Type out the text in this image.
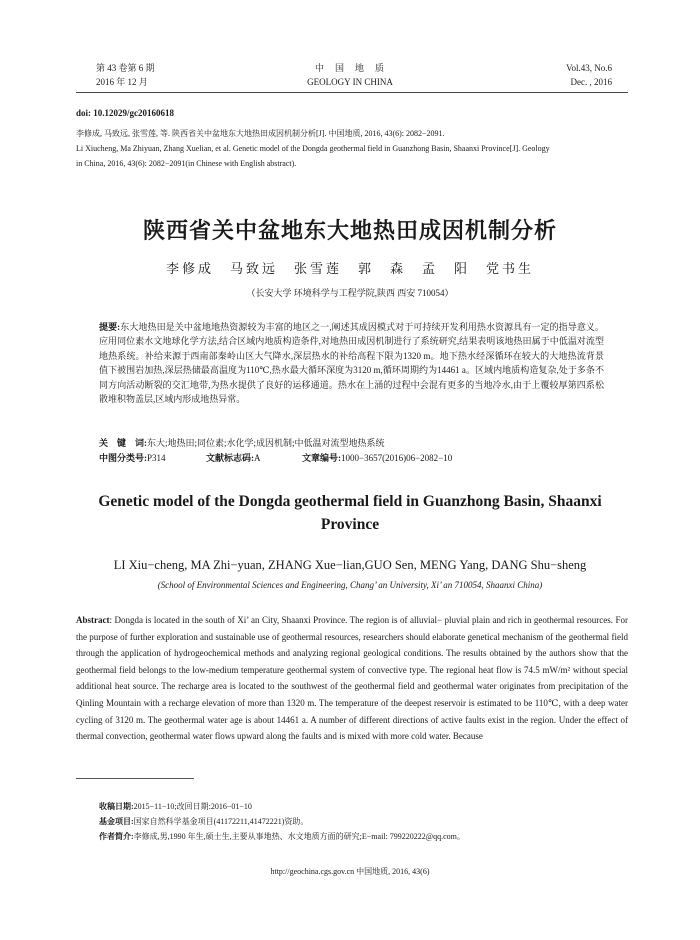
第 43 卷第 6 期
2016 年 12 月
中　国　地　质
GEOLOGY IN CHINA
Vol.43, No.6
Dec. , 2016
doi: 10.12029/gc20160618
李修成, 马致远, 张雪莲, 等. 陕西省关中盆地东大地热田成因机制分析[J]. 中国地质, 2016, 43(6): 2082−2091.
Li Xiucheng, Ma Zhiyuan, Zhang Xuelian, et al. Genetic model of the Dongda geothermal field in Guanzhong Basin, Shaanxi Province[J]. Geology
in China, 2016, 43(6): 2082−2091(in Chinese with English abstract).
陕西省关中盆地东大地热田成因机制分析
李修成　马致远　张雪莲　郭　森　孟　阳　党书生
（长安大学 环境科学与工程学院,陕西 西安 710054）
提要:东大地热田是关中盆地地热资源较为丰富的地区之一,阐述其成因模式对于可持续开发利用热水资源具有一定的指导意义。应用同位素水文地球化学方法,结合区域内地质构造条件,对地热田成因机制进行了系统研究,结果表明该地热田属于中低温对流型地热系统。补给来源于西南部秦岭山区大气降水,深层热水的补给高程下限为1320 m。地下热水经深循环在较大的大地热流背景值下被围岩加热,深层热储最高温度为110℃,热水最大循环深度为3120 m,循环周期约为14461 a。区域内地质构造复杂,处于多条不同方向活动断裂的交汇地带,为热水提供了良好的运移通道。热水在上涌的过程中会混有更多的当地冷水,由于上覆较厚第四系松散堆积物盖层,区域内形成地热异常。
关　键　词:东大;地热田;同位素;水化学;成因机制;中低温对流型地热系统
中图分类号:P314	文献标志码:A	文章编号:1000−3657(2016)06−2082−10
Genetic model of the Dongda geothermal field in Guanzhong Basin, Shaanxi Province
LI Xiu−cheng, MA Zhi−yuan, ZHANG Xue−lian,GUO Sen, MENG Yang, DANG Shu−sheng
(School of Environmental Sciences and Engineering, Chang’ an University, Xi’ an 710054, Shaanxi China)
Abstract: Dongda is located in the south of Xi’ an City, Shaanxi Province. The region is of alluvial− pluvial plain and rich in geothermal resources. For the purpose of further exploration and sustainable use of geothermal resources, researchers should elaborate genetical mechanism of the geothermal field through the application of hydrogeochemical methods and analyzing regional geological conditions. The results obtained by the authors show that the geothermal field belongs to the low-medium temperature geothermal system of convective type. The regional heat flow is 74.5 mW/m² without special additional heat source. The recharge area is located to the southwest of the geothermal field and geothermal water originates from precipitation of the Qinling Mountain with a recharge elevation of more than 1320 m. The temperature of the deepest reservoir is estimated to be 110℃, with a deep water cycling of 3120 m. The geothermal water age is about 14461 a. A number of different directions of active faults exist in the region. Under the effect of thermal convection, geothermal water flows upward along the faults and is mixed with more cold water. Because
收稿日期:2015−11−10;改回日期:2016−01−10
基金项目:国家自然科学基金项目(41172211,41472221)资助。
作者简介:李修成,男,1990 年生,硕士生,主要从事地热、水文地质方面的研究;E−mail: 799220222@qq.com。
http://geochina.cgs.gov.cn 中国地质, 2016, 43(6)
